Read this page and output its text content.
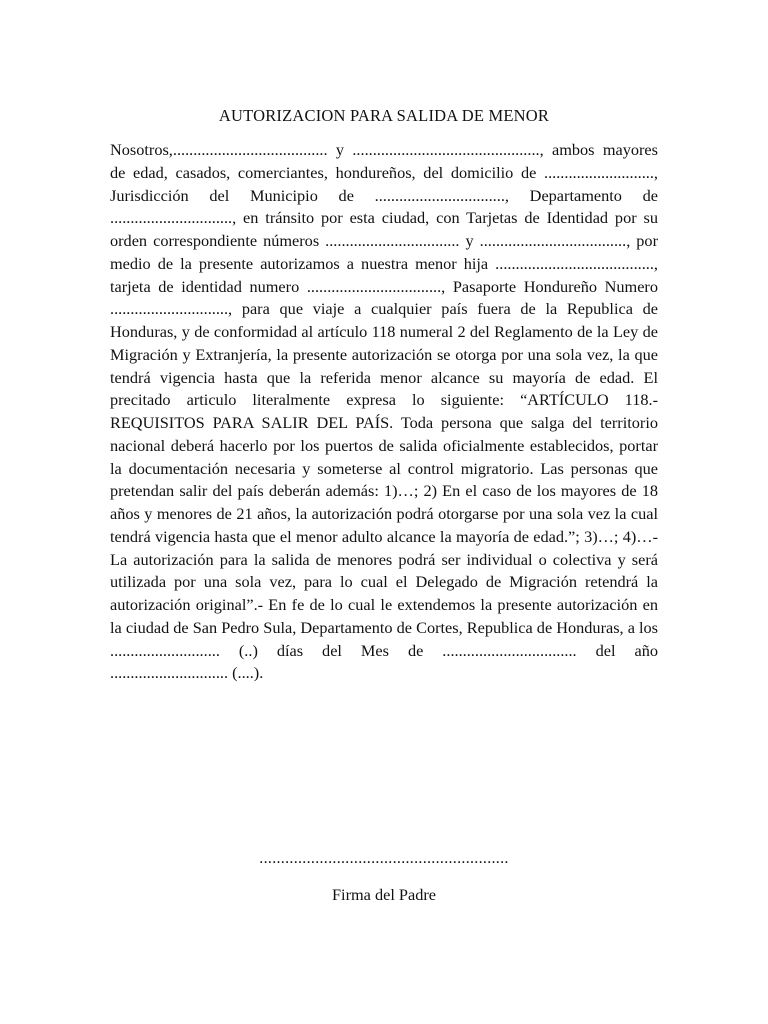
AUTORIZACION PARA SALIDA DE MENOR

Nosotros,...................................... y .............................................., ambos mayores de edad, casados, comerciantes, hondureños, del domicilio de ..........................., Jurisdicción del Municipio de ................................, Departamento de .............................., en tránsito por esta ciudad, con Tarjetas de Identidad por su orden correspondiente números ................................. y ...................................., por medio de la presente autorizamos a nuestra menor hija ......................................., tarjeta de identidad numero ................................., Pasaporte Hondureño Numero ............................., para que viaje a cualquier país fuera de la Republica de Honduras, y de conformidad al artículo 118 numeral 2 del Reglamento de la Ley de Migración y Extranjería, la presente autorización se otorga por una sola vez, la que tendrá vigencia hasta que la referida menor alcance su mayoría de edad. El precitado articulo literalmente expresa lo siguiente: “ARTÍCULO 118.- REQUISITOS PARA SALIR DEL PAÍS. Toda persona que salga del territorio nacional deberá hacerlo por los puertos de salida oficialmente establecidos, portar la documentación necesaria y someterse al control migratorio. Las personas que pretendan salir del país deberán además: 1)…; 2) En el caso de los mayores de 18 años y menores de 21 años, la autorización podrá otorgarse por una sola vez la cual tendrá vigencia hasta que el menor adulto alcance la mayoría de edad.”; 3)…; 4)…- La autorización para la salida de menores podrá ser individual o colectiva y será utilizada por una sola vez, para lo cual el Delegado de Migración retendrá la autorización original”.- En fe de lo cual le extendemos la presente autorización en la ciudad de San Pedro Sula, Departamento de Cortes, Republica de Honduras, a los ........................... (..) días del Mes de ................................. del año ............................. (....).

..........................................................
Firma del Padre
